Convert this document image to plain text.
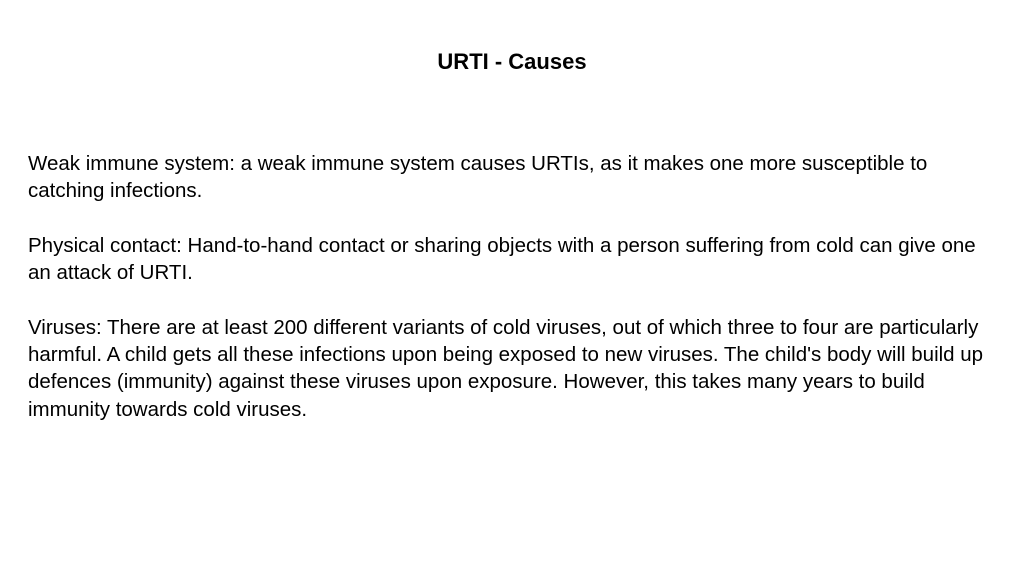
URTI - Causes

Weak immune system: a weak immune system causes URTIs, as it makes one more susceptible to catching infections.

Physical contact: Hand-to-hand contact or sharing objects with a person suffering from cold can give one an attack of URTI.

Viruses: There are at least 200 different variants of cold viruses, out of which three to four are particularly harmful. A child gets all these infections upon being exposed to new viruses. The child's body will build up defences (immunity) against these viruses upon exposure. However, this takes many years to build immunity towards cold viruses.
